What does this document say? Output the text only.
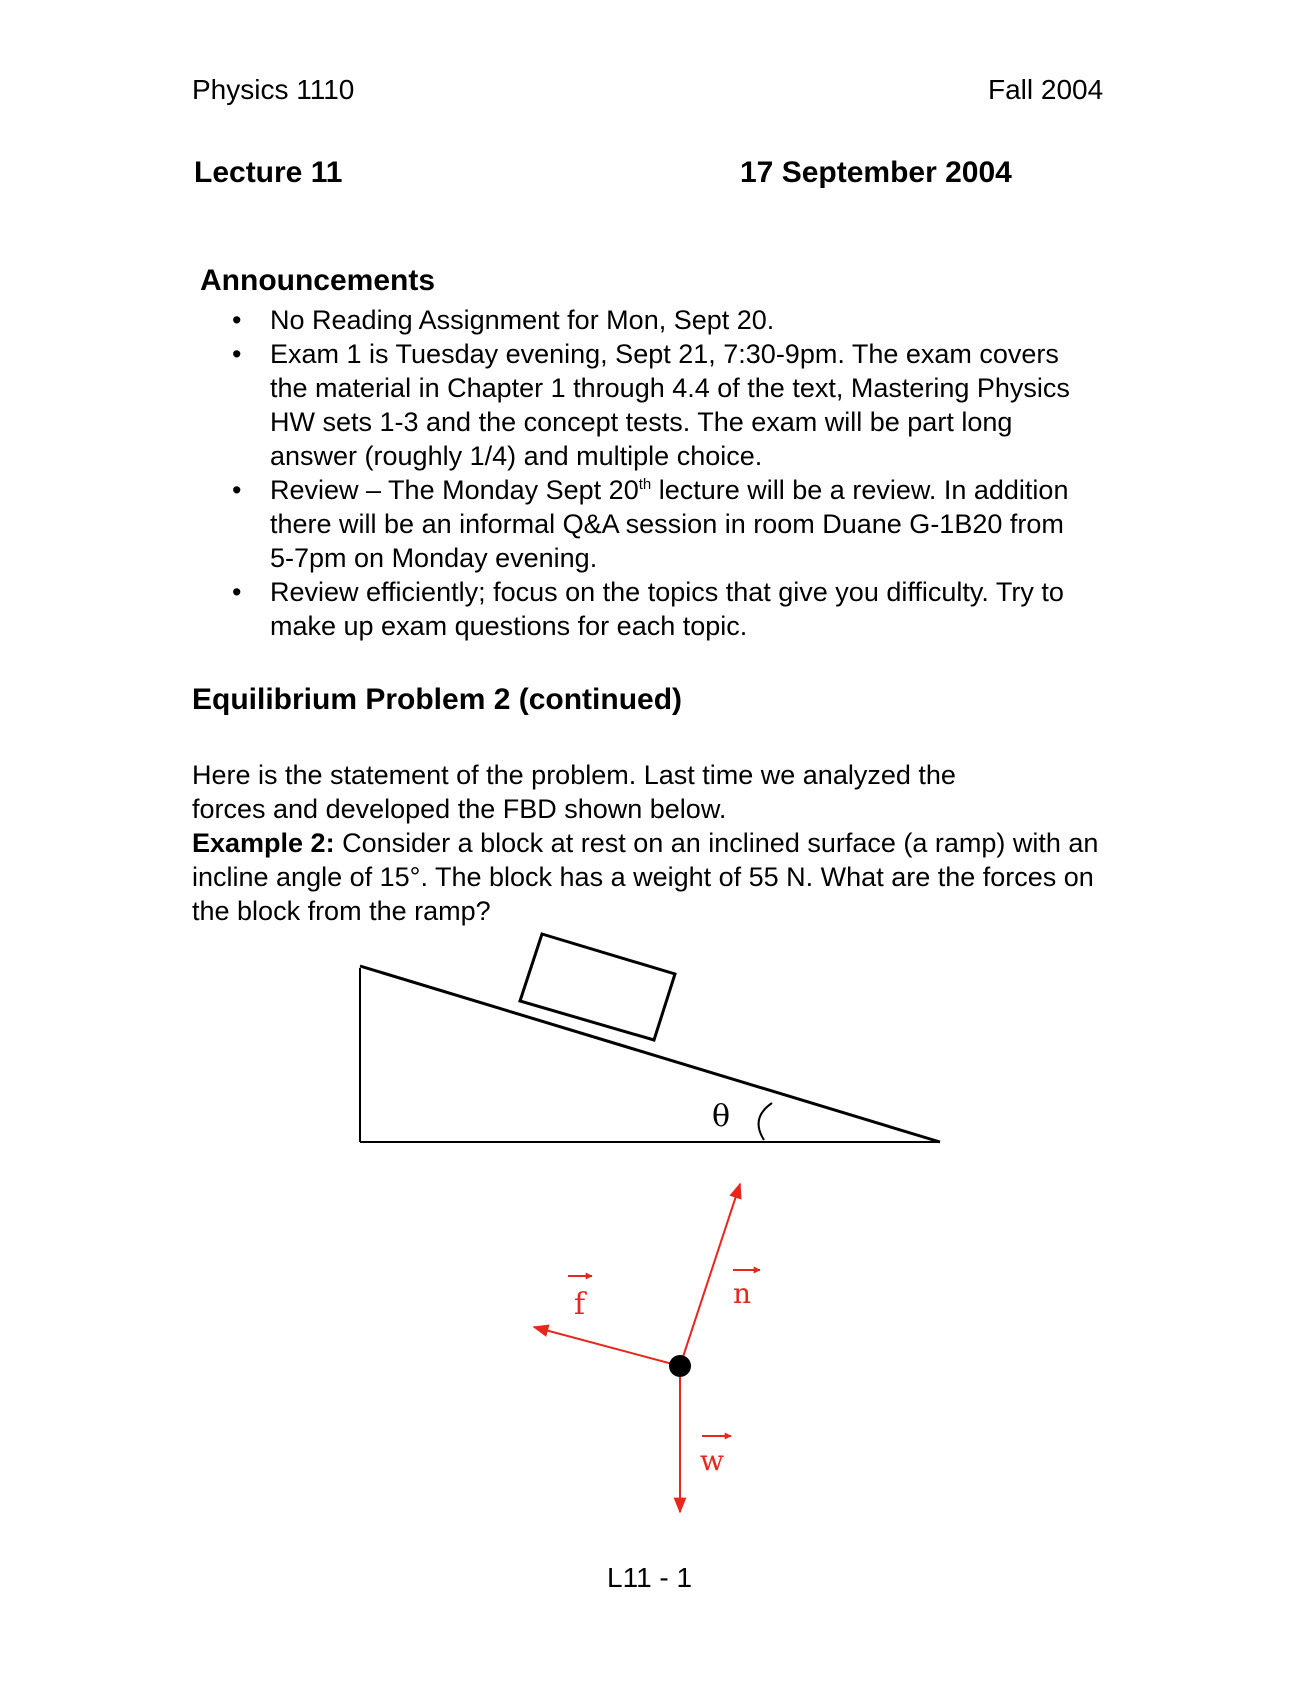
Physics 1110	Fall 2004
Lecture 11	17 September 2004
Announcements
• No Reading Assignment for Mon, Sept 20.
• Exam 1 is Tuesday evening, Sept 21, 7:30-9pm. The exam covers the material in Chapter 1 through 4.4 of the text, Mastering Physics HW sets 1-3 and the concept tests. The exam will be part long answer (roughly 1/4) and multiple choice.
• Review – The Monday Sept 20th lecture will be a review. In addition there will be an informal Q&A session in room Duane G-1B20 from 5-7pm on Monday evening.
• Review efficiently; focus on the topics that give you difficulty. Try to make up exam questions for each topic.
Equilibrium Problem 2 (continued)
Here is the statement of the problem. Last time we analyzed the forces and developed the FBD shown below.
Example 2: Consider a block at rest on an inclined surface (a ramp) with an incline angle of 15°. The block has a weight of 55 N. What are the forces on the block from the ramp?
θ
f	n
w
L11 - 1
